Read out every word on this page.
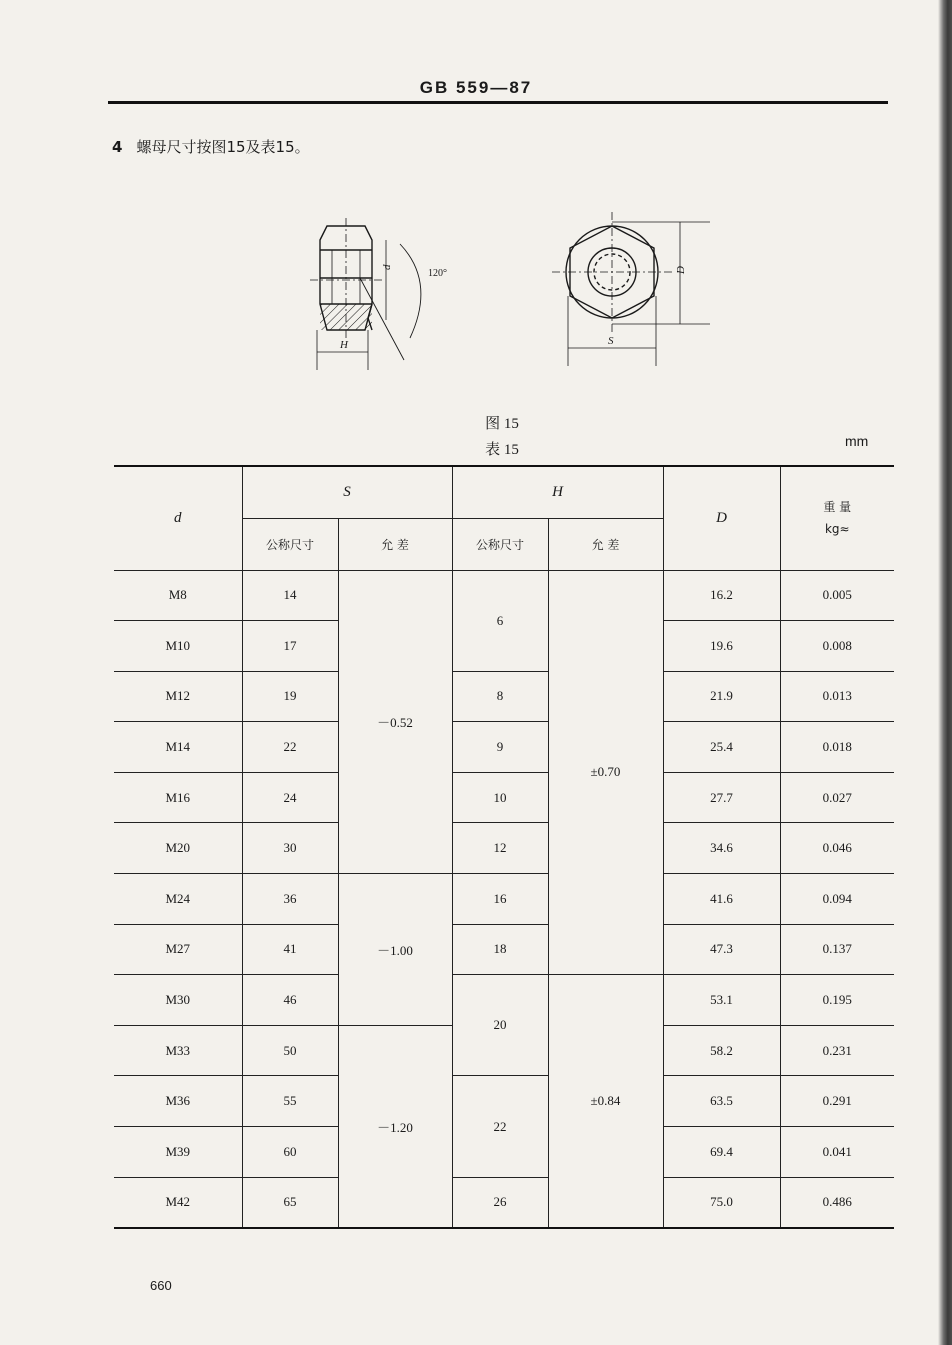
GB 559—87
4 螺母尺寸按图15及表15。
d
120°
H
D
S
图 15
表 15
mm
d	S		H		D	重 量
kg≈

	公称尺寸	允 差	公称尺寸	允 差		
M8	14	－0.52	6	±0.70	16.2	0.005
M10	17				19.6	0.008
M12	19		8		21.9	0.013
M14	22		9		25.4	0.018
M16	24		10		27.7	0.027
M20	30		12		34.6	0.046
M24	36	－1.00	16		41.6	0.094
M27	41		18		47.3	0.137
M30	46		20	±0.84	53.1	0.195
M33	50	－1.20			58.2	0.231
M36	55		22		63.5	0.291
M39	60				69.4	0.041
M42	65		26		75.0	0.486
660
